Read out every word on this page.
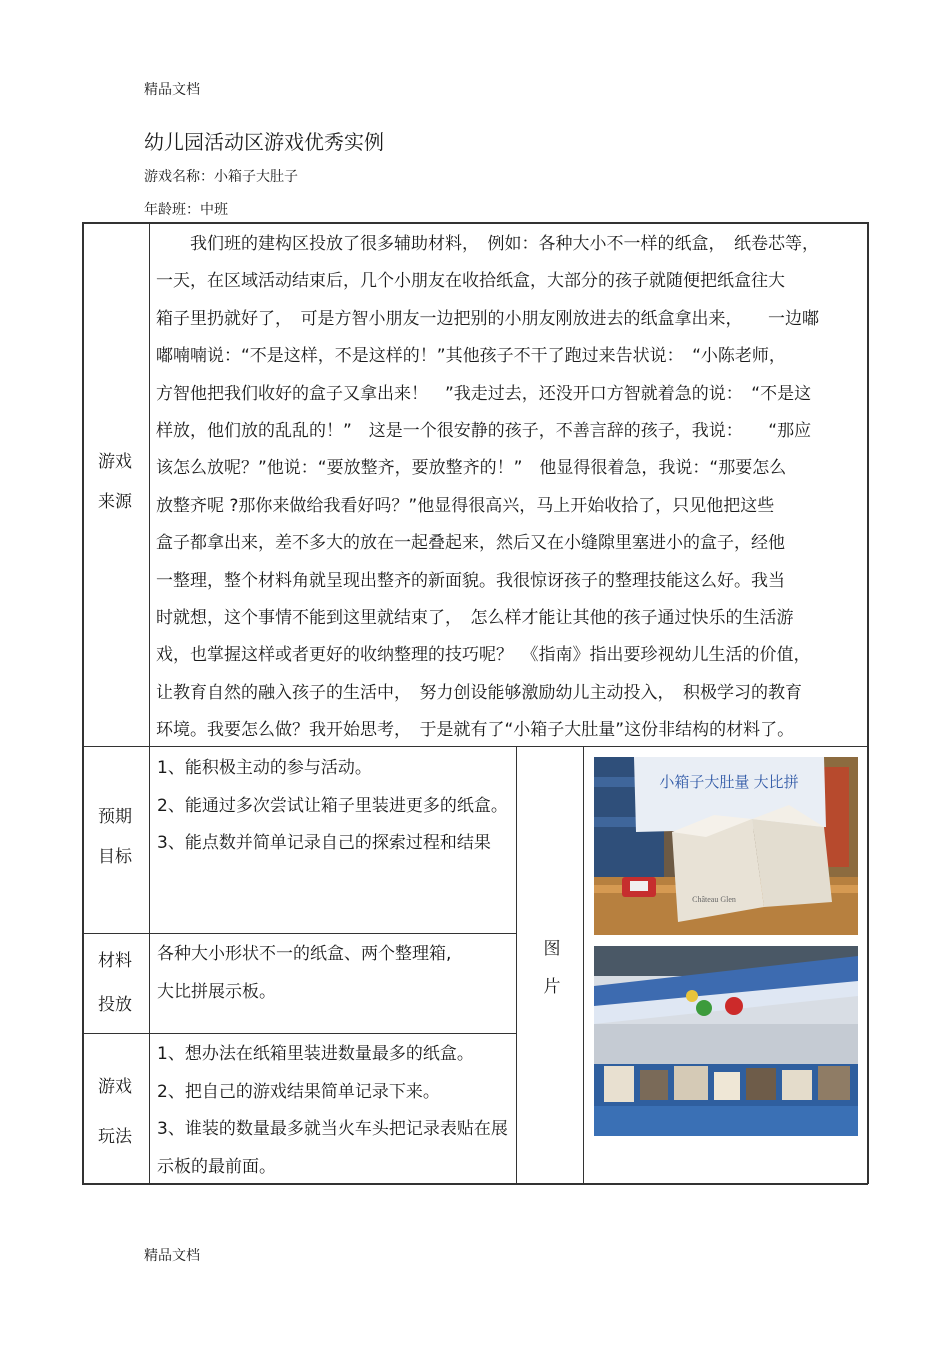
精品文档
幼儿园活动区游戏优秀实例
游戏名称：小箱子大肚子
年龄班：中班
游戏
来源
预期
目标
材料
投放
游戏
玩法

　　我们班的建构区投放了很多辅助材料，　例如：各种大小不一样的纸盒，　纸卷芯等，

一天，在区域活动结束后，几个小朋友在收拾纸盒，大部分的孩子就随便把纸盒往大

箱子里扔就好了，　可是方智小朋友一边把别的小朋友刚放进去的纸盒拿出来，　　一边嘟

嘟喃喃说：“不是这样，不是这样的！”其他孩子不干了跑过来告状说：　“小陈老师，

方智他把我们收好的盒子又拿出来！　”我走过去，还没开口方智就着急的说：　“不是这

样放，他们放的乱乱的！”　这是一个很安静的孩子，不善言辞的孩子，我说：　　“那应

该怎么放呢？”他说：“要放整齐，要放整齐的！”　他显得很着急，我说：“那要怎么

放整齐呢 ?那你来做给我看好吗？”他显得很高兴，马上开始收拾了，只见他把这些

盒子都拿出来，差不多大的放在一起叠起来，然后又在小缝隙里塞进小的盒子，经他

一整理，整个材料角就呈现出整齐的新面貌。我很惊讶孩子的整理技能这么好。我当

时就想，这个事情不能到这里就结束了，　怎么样才能让其他的孩子通过快乐的生活游

戏，也掌握这样或者更好的收纳整理的技巧呢？　《指南》指出要珍视幼儿生活的价值，

让教育自然的融入孩子的生活中，　努力创设能够激励幼儿主动投入，　积极学习的教育

环境。我要怎么做？我开始思考，　于是就有了“小箱子大肚量”这份非结构的材料了。

1、能积极主动的参与活动。

2、能通过多次尝试让箱子里装进更多的纸盒。

3、能点数并简单记录自己的探索过程和结果

各种大小形状不一的纸盒、两个整理箱,

大比拼展示板。

1、想办法在纸箱里装进数量最多的纸盒。

2、把自己的游戏结果简单记录下来。

3、谁装的数量最多就当火车头把记录表贴在展示板的最前面。

图
片
小箱子大肚量 大比拼
Château Glen
精品文档
